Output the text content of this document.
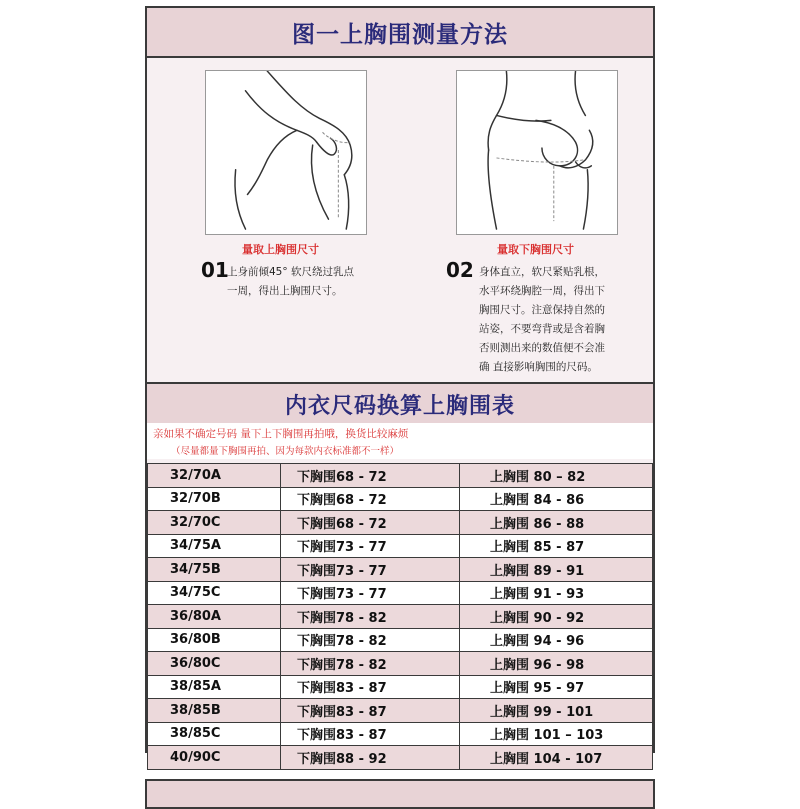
图一上胸围测量方法
量取上胸围尺寸
01
上身前倾45° 软尺绕过乳点
一周，得出上胸围尺寸。
量取下胸围尺寸
02 身体直立，软尺紧贴乳根，
水平环绕胸腔一周，得出下
胸围尺寸。注意保持自然的
站姿，不要弯背或是含着胸
否则测出来的数值便不会准
确 直接影响胸围的尺码。
内衣尺码换算上胸围表
亲如果不确定号码 量下上下胸围再拍哦，换货比较麻烦
（尽量都量下胸围再拍、因为每款内衣标准都不一样）
32/70A	下胸围68 - 72	上胸围 80 – 82
32/70B	下胸围68 - 72	上胸围 84 - 86
32/70C	下胸围68 - 72	上胸围 86 - 88
34/75A	下胸围73 - 77	上胸围 85 - 87
34/75B	下胸围73 - 77	上胸围 89 - 91
34/75C	下胸围73 - 77	上胸围 91 - 93
36/80A	下胸围78 - 82	上胸围 90 - 92
36/80B	下胸围78 - 82	上胸围 94 - 96
36/80C	下胸围78 - 82	上胸围 96 - 98
38/85A	下胸围83 - 87	上胸围 95 - 97
38/85B	下胸围83 - 87	上胸围 99 - 101
38/85C	下胸围83 - 87	上胸围 101 – 103
40/90C	下胸围88 - 92	上胸围 104 - 107
